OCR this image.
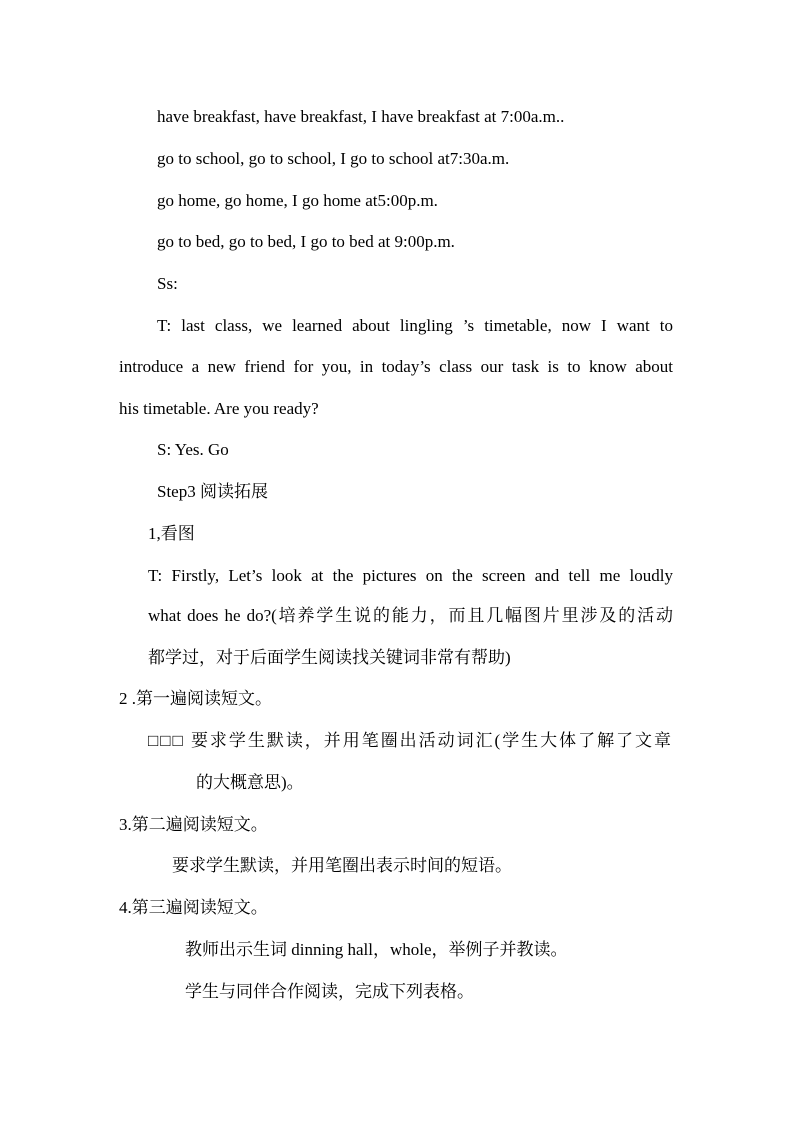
have breakfast, have breakfast, I have breakfast at 7:00a.m..
go to school, go to school, I go to school at7:30a.m.
go home, go home, I go home at5:00p.m.
go to bed, go to bed, I go to bed at 9:00p.m.
Ss:
T: last class, we learned about lingling ’s timetable, now I want to
introduce a new friend for you, in today’s class our task is to know about
his timetable. Are you ready?
S: Yes. Go
Step3 阅读拓展
1,看图
T: Firstly, Let’s look at the pictures on the screen and tell me loudly
what does he do?(培养学生说的能力，而且几幅图片里涉及的活动
都学过，对于后面学生阅读找关键词非常有帮助)
2 .第一遍阅读短文。
□□□ 要求学生默读，并用笔圈出活动词汇(学生大体了解了文章
的大概意思)。
3.第二遍阅读短文。
要求学生默读，并用笔圈出表示时间的短语。
4.第三遍阅读短文。
教师出示生词 dinning hall，whole，举例子并教读。
学生与同伴合作阅读，完成下列表格。
